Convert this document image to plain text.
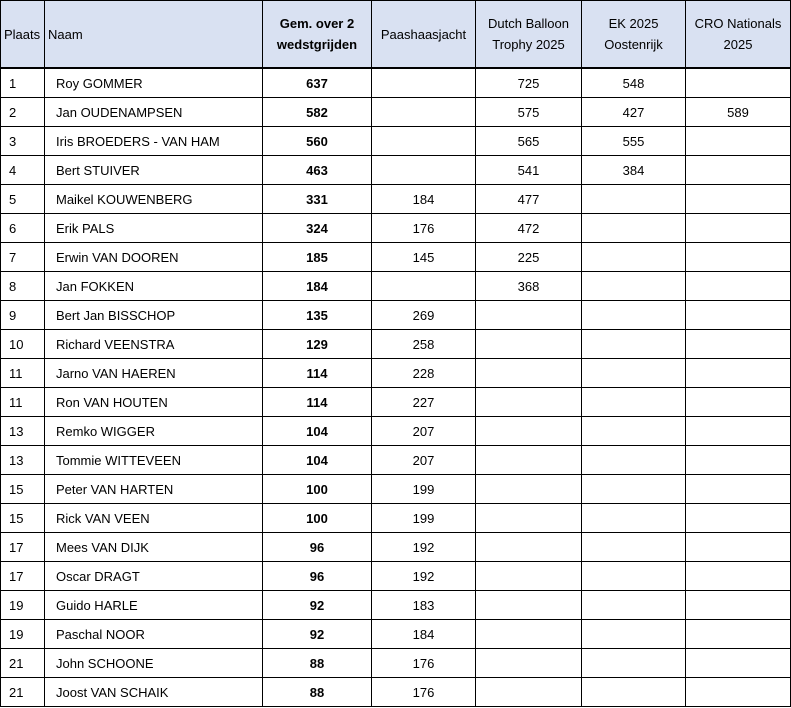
Plaats	Naam	Gem. over 2 wedstgrijden	Paashaasjacht	Dutch Balloon Trophy 2025	EK 2025 Oostenrijk	CRO Nationals 2025
1	Roy GOMMER	637		725	548	
2	Jan OUDENAMPSEN	582		575	427	589
3	Iris BROEDERS - VAN HAM	560		565	555	
4	Bert STUIVER	463		541	384	
5	Maikel KOUWENBERG	331	184	477		
6	Erik PALS	324	176	472		
7	Erwin VAN DOOREN	185	145	225		
8	Jan FOKKEN	184		368		
9	Bert Jan BISSCHOP	135	269			
10	Richard VEENSTRA	129	258			
11	Jarno VAN HAEREN	114	228			
11	Ron VAN HOUTEN	114	227			
13	Remko WIGGER	104	207			
13	Tommie WITTEVEEN	104	207			
15	Peter VAN HARTEN	100	199			
15	Rick VAN VEEN	100	199			
17	Mees VAN DIJK	96	192			
17	Oscar DRAGT	96	192			
19	Guido HARLE	92	183			
19	Paschal NOOR	92	184			
21	John SCHOONE	88	176			
21	Joost VAN SCHAIK	88	176			
